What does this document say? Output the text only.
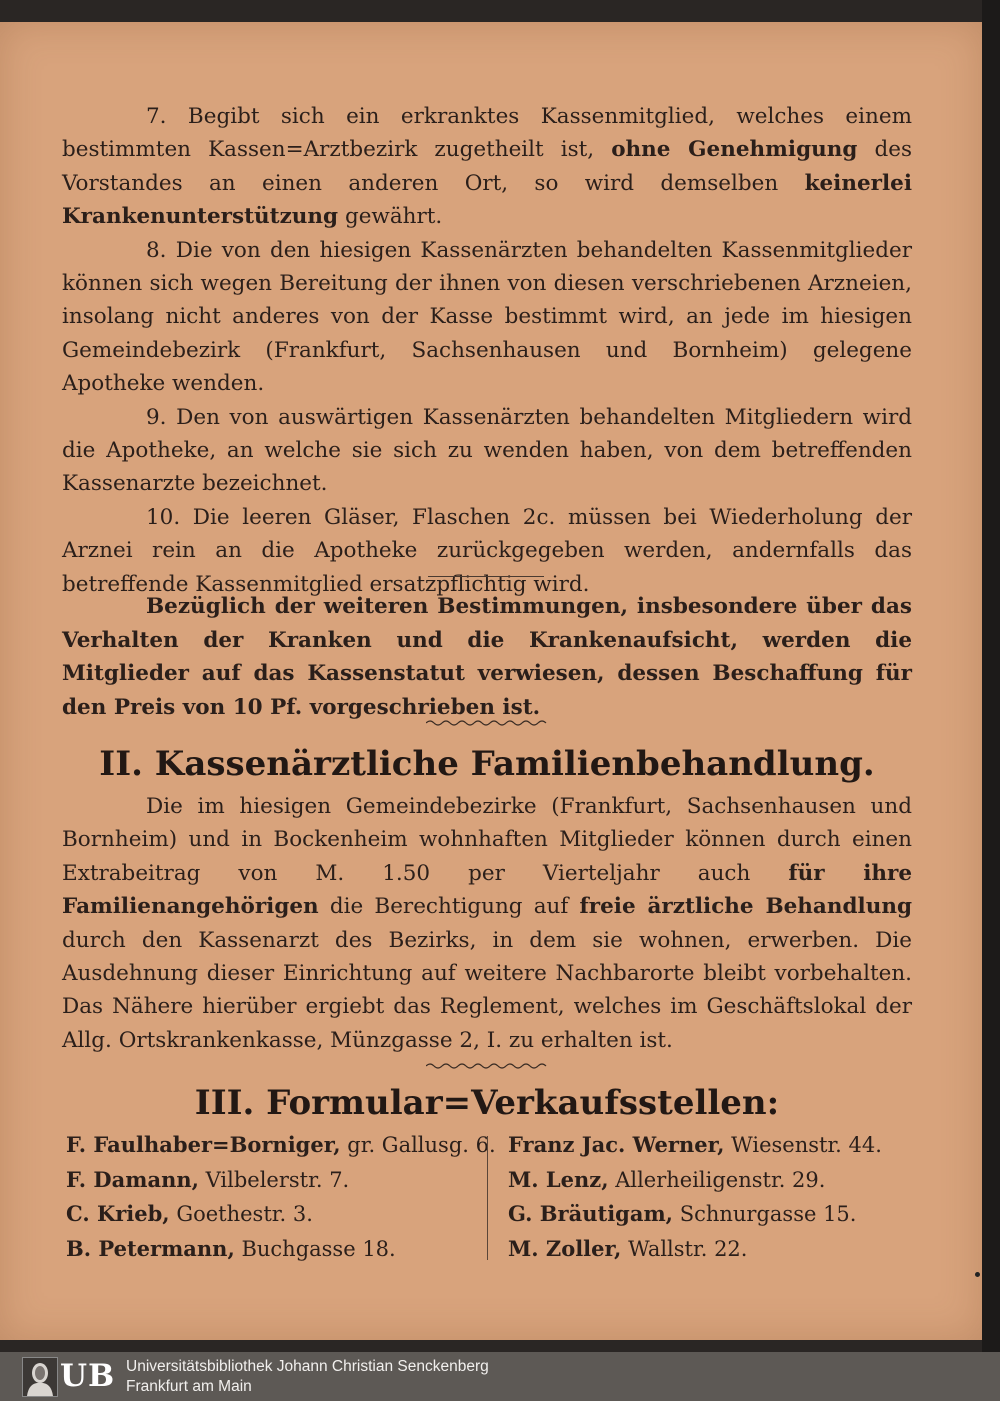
7. Begibt sich ein erkranktes Kassenmitglied, welches einem bestimmten Kassen=Arztbezirk zugetheilt ist, ohne Genehmigung des Vorstandes an einen anderen Ort, so wird demselben keinerlei Krankenunterstützung gewährt.

8. Die von den hiesigen Kassenärzten behandelten Kassenmitglieder können sich wegen Bereitung der ihnen von diesen verschriebenen Arzneien, insolang nicht anderes von der Kasse bestimmt wird, an jede im hiesigen Gemeindebezirk (Frankfurt, Sachsenhausen und Bornheim) gelegene Apotheke wenden.

9. Den von auswärtigen Kassenärzten behandelten Mitgliedern wird die Apotheke, an welche sie sich zu wenden haben, von dem betreffenden Kassenarzte bezeichnet.

10. Die leeren Gläser, Flaschen 2c. müssen bei Wiederholung der Arznei rein an die Apotheke zurückgegeben werden, andernfalls das betreffende Kassenmitglied ersatzpflichtig wird.

Bezüglich der weiteren Bestimmungen, insbesondere über das Verhalten der Kranken und die Krankenaufsicht, werden die Mitglieder auf das Kassenstatut verwiesen, dessen Beschaffung für den Preis von 10 Pf. vorgeschrieben ist.

II. Kassenärztliche Familienbehandlung.

Die im hiesigen Gemeindebezirke (Frankfurt, Sachsenhausen und Bornheim) und in Bockenheim wohnhaften Mitglieder können durch einen Extrabeitrag von M. 1.50 per Vierteljahr auch für ihre Familienangehörigen die Berechtigung auf freie ärztliche Behandlung durch den Kassenarzt des Bezirks, in dem sie wohnen, erwerben. Die Ausdehnung dieser Einrichtung auf weitere Nachbarorte bleibt vorbehalten. Das Nähere hierüber ergiebt das Reglement, welches im Geschäftslokal der Allg. Ortskrankenkasse, Münzgasse 2, I. zu erhalten ist.

III. Formular=Verkaufsstellen:
F. Faulhaber=Borniger, gr. Gallusg. 6.
F. Damann, Vilbelerstr. 7.
C. Krieb, Goethestr. 3.
B. Petermann, Buchgasse 18.
Franz Jac. Werner, Wiesenstr. 44.
M. Lenz, Allerheiligenstr. 29.
G. Bräutigam, Schnurgasse 15.
M. Zoller, Wallstr. 22.
UB Universitätsbibliothek Johann Christian Senckenberg
Frankfurt am Main
